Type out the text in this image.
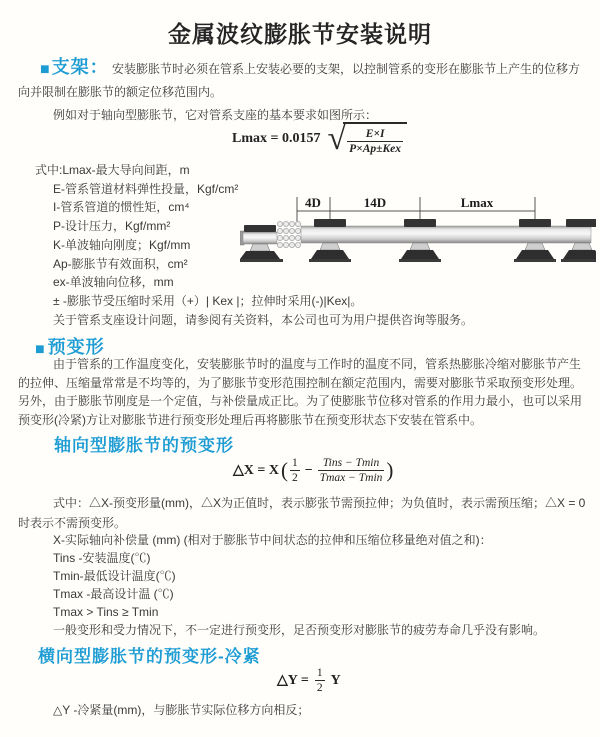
金属波纹膨胀节安装说明
■ 支架： 安装膨胀节时必须在管系上安装必要的支架，以控制管系的变形在膨胀节上产生的位移方向并限制在膨胀节的额定位移范围内。
例如对于轴向型膨胀节，它对管系支座的基本要求如图所示：
Lmax = 0.0157 √ $\frac{E\times I}{\text{P×Ap±Kex}}$
式中:Lmax-最大导向间距，m
E-管系管道材料弹性投量，Kgf/cm²
I-管系管道的惯性矩，cm⁴
P-设计压力，Kgf/mm²
K-单波轴向刚度；Kgf/mm
Ap-膨胀节有效面积，cm²
ex-单波轴向位移，mm
± -膨胀节受压缩时采用（+）| Kex |；拉伸时采用(-)|Kex|。
关于管系支座设计问题，请参阅有关资料，本公司也可为用户提供咨询等服务。
4D	14D	Lmax
■ 预变形
由于管系的工作温度变化，安装膨胀节时的温度与工作时的温度不同，管系热膨胀冷缩对膨胀节产生的拉伸、压缩量常常是不均等的，为了膨胀节变形范围控制在额定范围内，需要对膨胀节采取预变形处理。另外，由于膨胀节刚度是一个定值，与补偿量成正比。为了使膨胀节位移对管系的作用力最小，也可以采用预变形(冷紧)方让对膨胀节进行预变形处理后再将膨胀节在预变形状态下安装在管系中。
轴向型膨胀节的预变形
△X = X ( $\frac{1}{2} - \frac{\text{Tins − Tmin}}{Tmax - Tmin}$ )
式中：△X-预变形量(mm)，△X为正值时，表示膨张节需预拉伸；为负值时，表示需预压缩；△X = 0时表示不需预变形。
X-实际轴向补偿量 (mm) (相对于膨胀节中间状态的拉伸和压缩位移量绝对值之和)：
Tins -安装温度(℃)
Tmin-最低设计温度(℃)
Tmax -最高设计温 (℃)
Tmax > Tins ≥ Tmin
一般变形和受力情况下，不一定进行预变形，足否预变形对膨胀节的疲劳寿命几乎没有影响。
横向型膨胀节的预变形-冷紧
△Y = $\frac{1}{2}$ Y
△Y -冷紧量(mm)，与膨胀节实际位移方向相反；
